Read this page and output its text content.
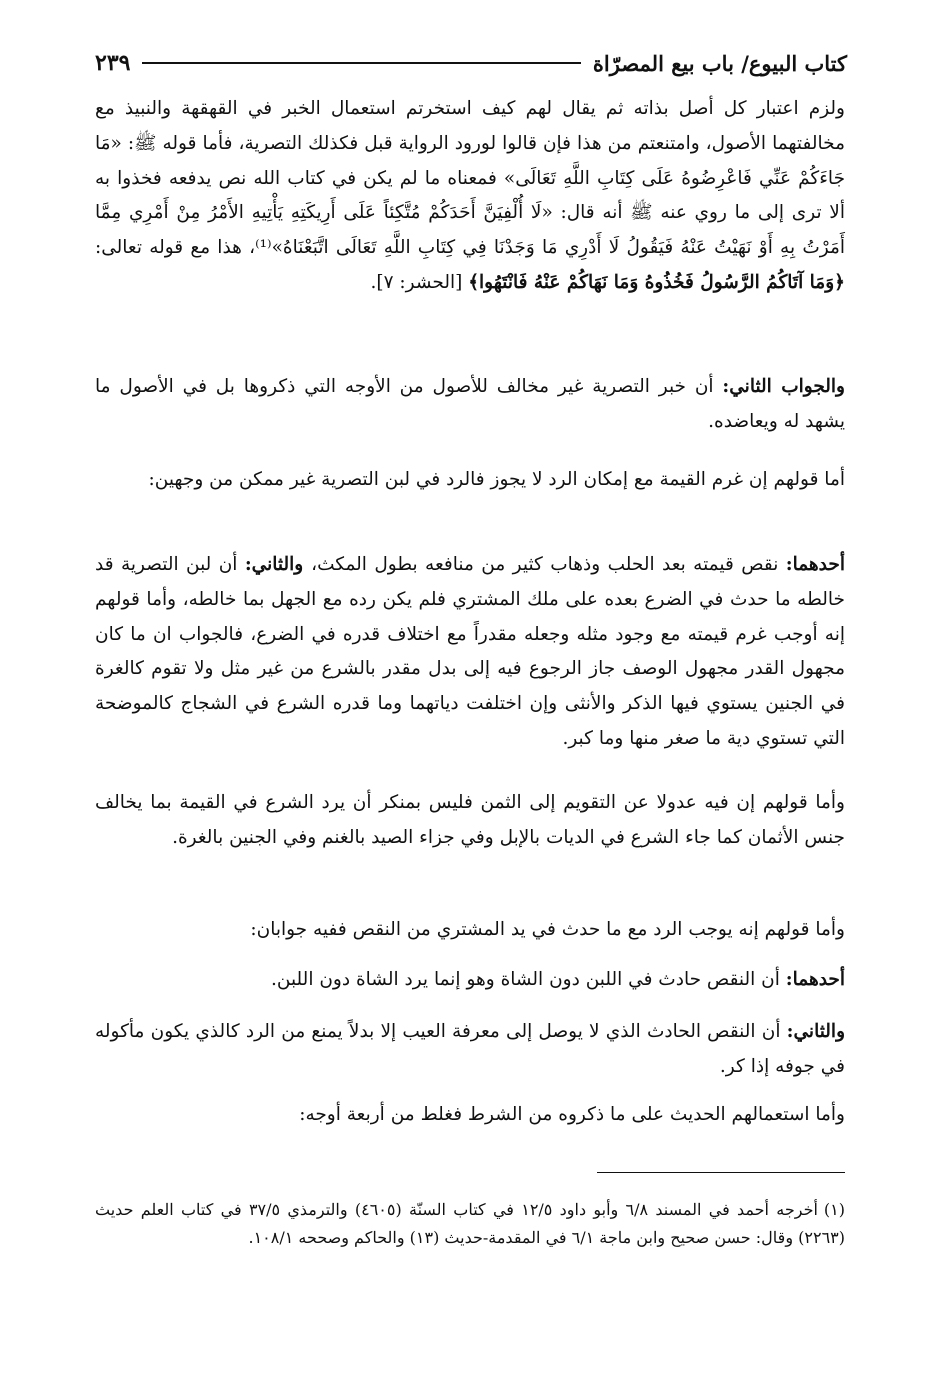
كتاب البيوع/ باب بيع المصرّاة
٢٣٩

ولزم اعتبار كل أصل بذاته ثم يقال لهم كيف استخرتم استعمال الخبر في القهقهة والنبيذ مع مخالفتهما الأصول، وامتنعتم من هذا فإن قالوا لورود الرواية قبل فكذلك التصرية، فأما قوله ﷺ: «مَا جَاءَكُمْ عَنِّي فَاعْرِضُوهُ عَلَى كِتَابِ اللَّهِ تَعَالَى» فمعناه ما لم يكن في كتاب الله نص يدفعه فخذوا به ألا ترى إلى ما روي عنه ﷺ أنه قال: «لَا أُلْفِيَنَّ أَحَدَكُمْ مُتَّكِئاً عَلَى أَرِيكَتِهِ يَأْتِيهِ الأَمْرُ مِنْ أَمْرِي مِمَّا أَمَرْتُ بِهِ أَوْ نَهَيْتُ عَنْهُ فَيَقُولُ لَا أَدْرِي مَا وَجَدْنَا فِي كِتَابِ اللَّهِ تَعَالَى اتَّبَعْنَاهُ»⁽¹⁾، هذا مع قوله تعالى: ﴿وَمَا آتَاكُمُ الرَّسُولُ فَخُذُوهُ وَمَا نَهَاكُمْ عَنْهُ فَانْتَهُوا﴾ [الحشر: ٧].

والجواب الثاني: أن خبر التصرية غير مخالف للأصول من الأوجه التي ذكروها بل في الأصول ما يشهد له ويعاضده.

أما قولهم إن غرم القيمة مع إمكان الرد لا يجوز فالرد في لبن التصرية غير ممكن من وجهين:

أحدهما: نقص قيمته بعد الحلب وذهاب كثير من منافعه بطول المكث، والثاني: أن لبن التصرية قد خالطه ما حدث في الضرع بعده على ملك المشتري فلم يكن رده مع الجهل بما خالطه، وأما قولهم إنه أوجب غرم قيمته مع وجود مثله وجعله مقدراً مع اختلاف قدره في الضرع، فالجواب ان ما كان مجهول القدر مجهول الوصف جاز الرجوع فيه إلى بدل مقدر بالشرع من غير مثل ولا تقوم كالغرة في الجنين يستوي فيها الذكر والأنثى وإن اختلفت دياتهما وما قدره الشرع في الشجاج كالموضحة التي تستوي دية ما صغر منها وما كبر.

وأما قولهم إن فيه عدولا عن التقويم إلى الثمن فليس بمنكر أن يرد الشرع في القيمة بما يخالف جنس الأثمان كما جاء الشرع في الديات بالإبل وفي جزاء الصيد بالغنم وفي الجنين بالغرة.

وأما قولهم إنه يوجب الرد مع ما حدث في يد المشتري من النقص ففيه جوابان:

أحدهما: أن النقص حادث في اللبن دون الشاة وهو إنما يرد الشاة دون اللبن.

والثاني: أن النقص الحادث الذي لا يوصل إلى معرفة العيب إلا بدلاً يمنع من الرد كالذي يكون مأكوله في جوفه إذا كر.

وأما استعمالهم الحديث على ما ذكروه من الشرط فغلط من أربعة أوجه:

(١)أخرجه أحمد في المسند ٦/٨ وأبو داود ١٢/٥ في كتاب السنّة (٤٦٠٥) والترمذي ٣٧/٥ في كتاب العلم حديث (٢٢٦٣) وقال: حسن صحيح وابن ماجة ٦/١ في المقدمة-حديث (١٣) والحاكم وصححه ١٠٨/١.
